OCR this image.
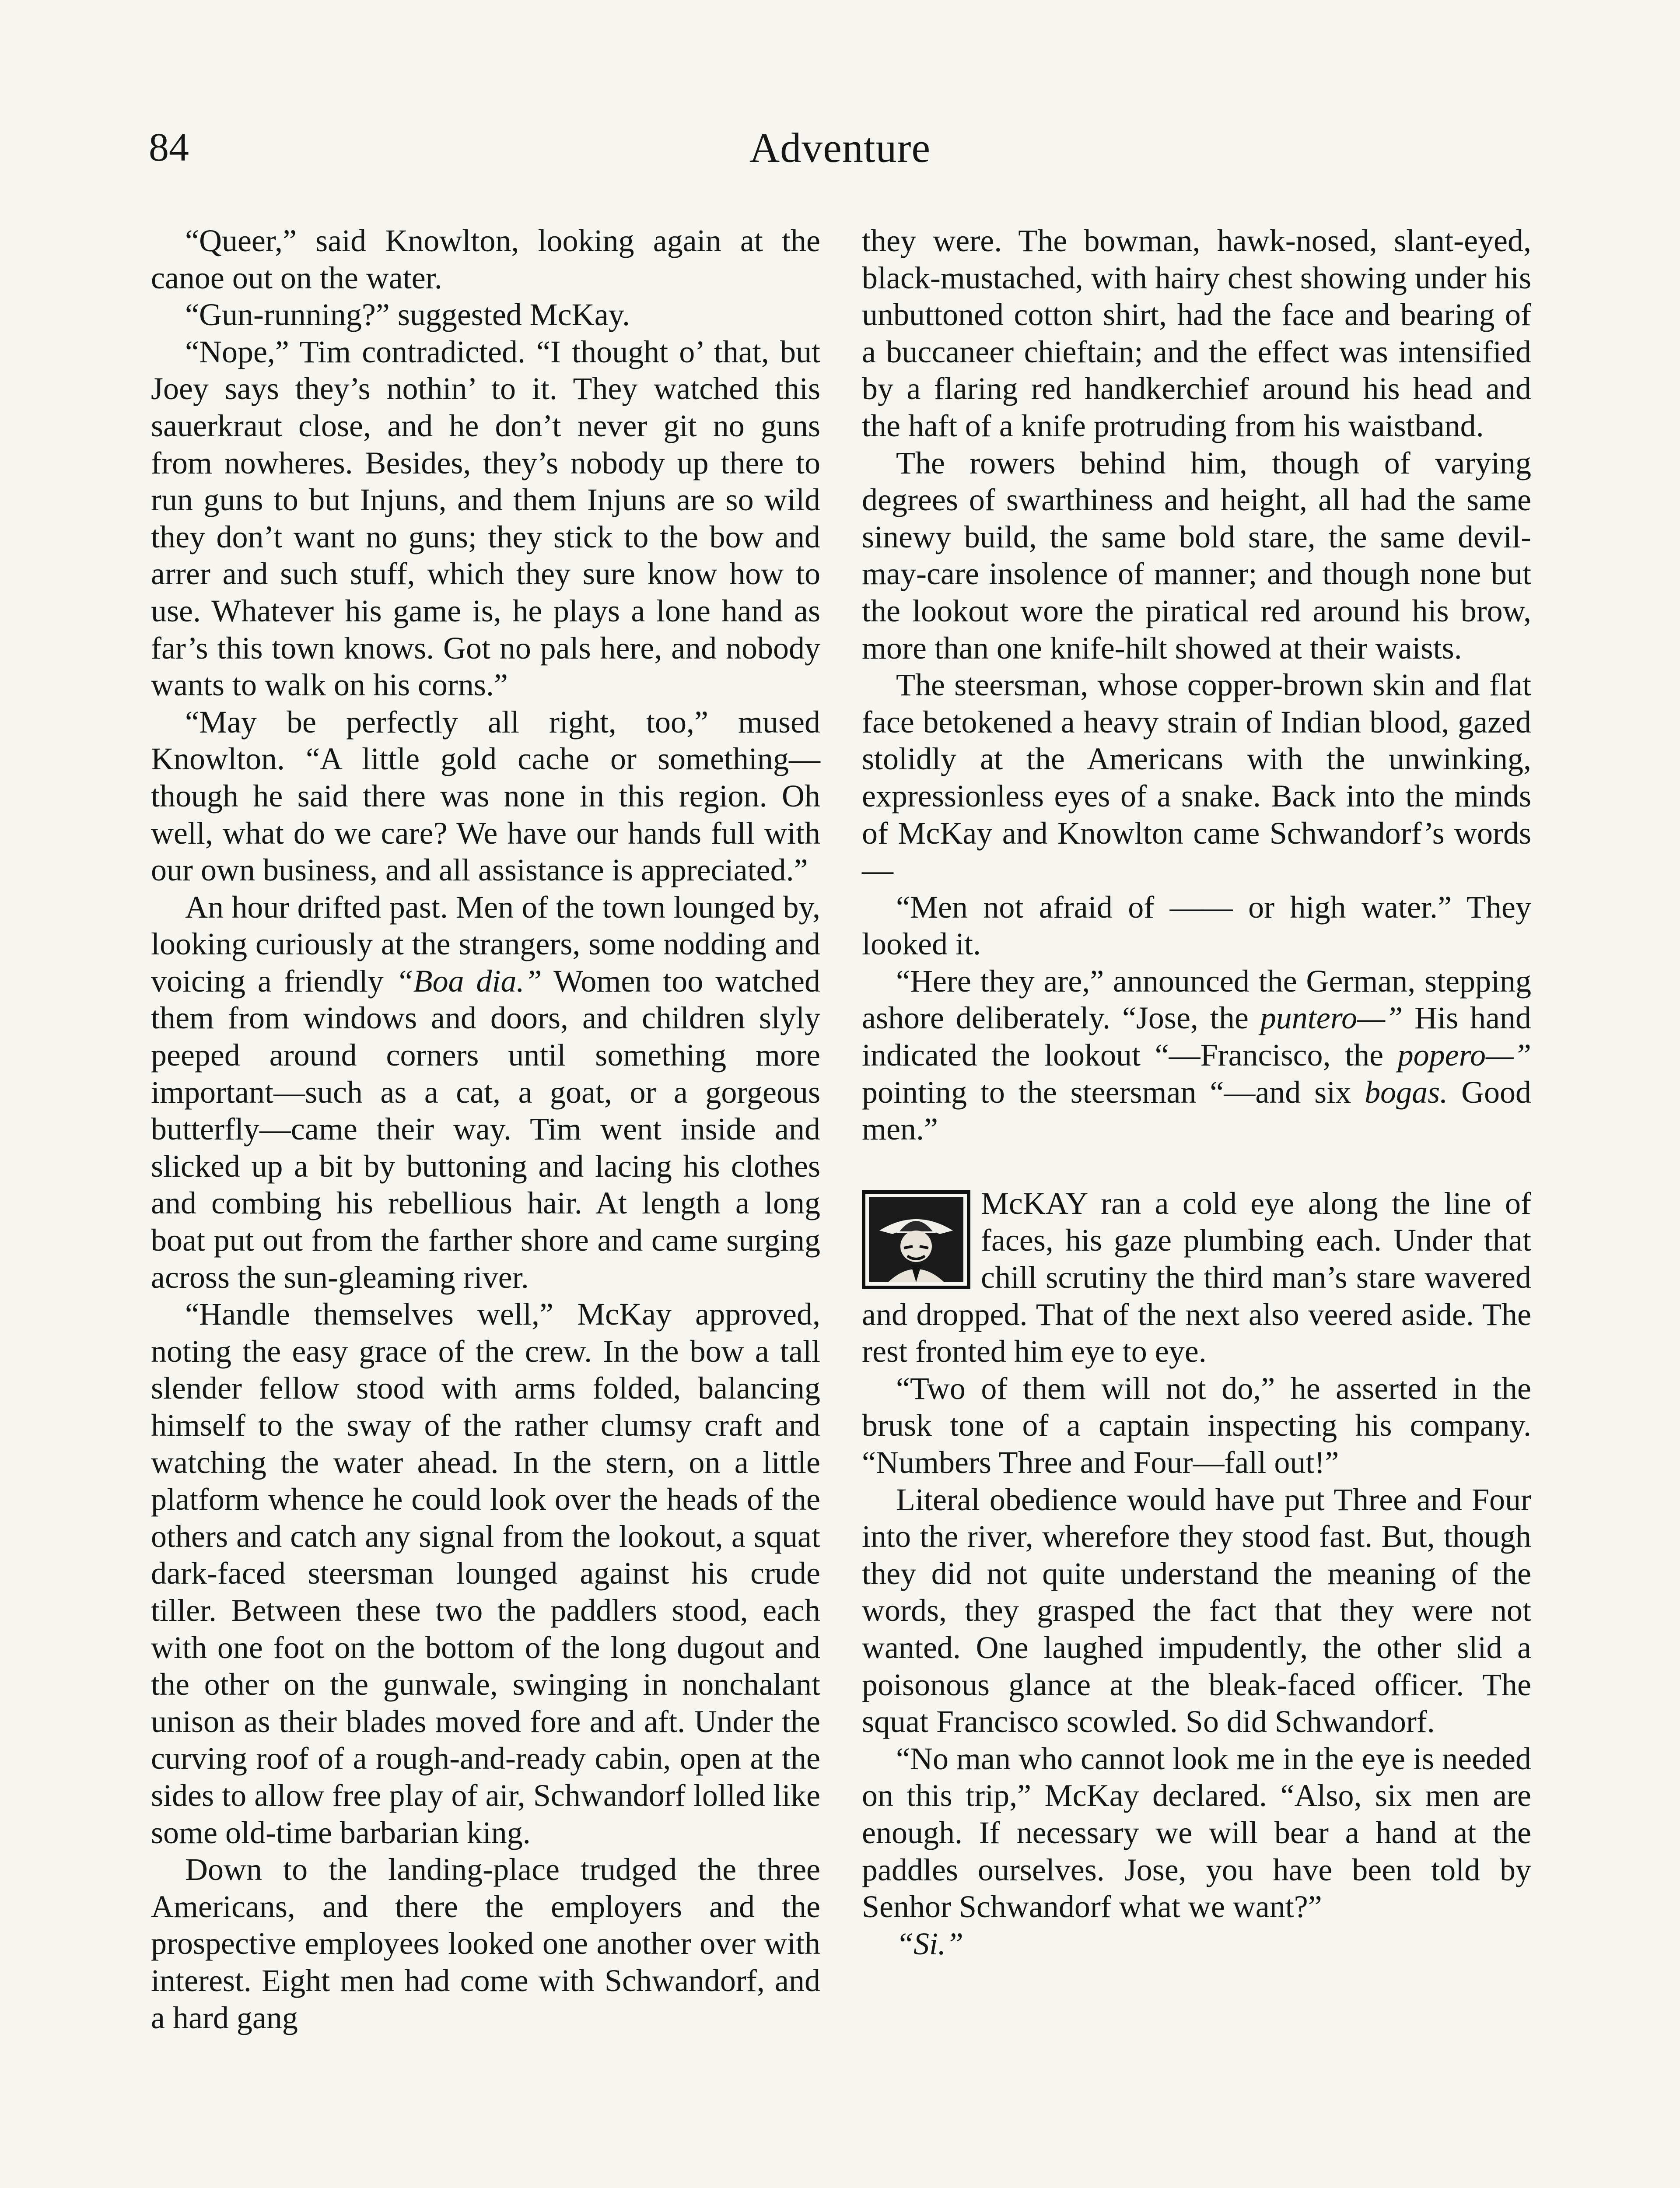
84	Adventure

“Queer,” said Knowlton, looking again at the canoe out on the water.

“Gun-running?” suggested McKay.

“Nope,” Tim contradicted. “I thought o’ that, but Joey says they’s nothin’ to it. They watched this sauerkraut close, and he don’t never git no guns from nowheres. Besides, they’s nobody up there to run guns to but Injuns, and them Injuns are so wild they don’t want no guns; they stick to the bow and arrer and such stuff, which they sure know how to use. Whatever his game is, he plays a lone hand as far’s this town knows. Got no pals here, and nobody wants to walk on his corns.”

“May be perfectly all right, too,” mused Knowlton. “A little gold cache or something—though he said there was none in this region. Oh well, what do we care? We have our hands full with our own business, and all assistance is appreciated.”

An hour drifted past. Men of the town lounged by, looking curiously at the strangers, some nodding and voicing a friendly “Boa dia.” Women too watched them from windows and doors, and children slyly peeped around corners until something more important—such as a cat, a goat, or a gorgeous butterfly—came their way. Tim went inside and slicked up a bit by buttoning and lacing his clothes and combing his rebellious hair. At length a long boat put out from the farther shore and came surging across the sun-gleaming river.

“Handle themselves well,” McKay approved, noting the easy grace of the crew. In the bow a tall slender fellow stood with arms folded, balancing himself to the sway of the rather clumsy craft and watching the water ahead. In the stern, on a little platform whence he could look over the heads of the others and catch any signal from the lookout, a squat dark-faced steersman lounged against his crude tiller. Between these two the paddlers stood, each with one foot on the bottom of the long dugout and the other on the gunwale, swinging in nonchalant unison as their blades moved fore and aft. Under the curving roof of a rough-and-ready cabin, open at the sides to allow free play of air, Schwandorf lolled like some old-time barbarian king.

Down to the landing-place trudged the three Americans, and there the employers and the prospective employees looked one another over with interest. Eight men had come with Schwandorf, and a hard gang

they were. The bowman, hawk-nosed, slant-eyed, black-mustached, with hairy chest showing under his unbuttoned cotton shirt, had the face and bearing of a buccaneer chieftain; and the effect was intensified by a flaring red handkerchief around his head and the haft of a knife protruding from his waistband.

The rowers behind him, though of varying degrees of swarthiness and height, all had the same sinewy build, the same bold stare, the same devil-may-care insolence of manner; and though none but the lookout wore the piratical red around his brow, more than one knife-hilt showed at their waists.

The steersman, whose copper-brown skin and flat face betokened a heavy strain of Indian blood, gazed stolidly at the Americans with the unwinking, expressionless eyes of a snake. Back into the minds of McKay and Knowlton came Schwandorf’s words—

“Men not afraid of —— or high water.” They looked it.

“Here they are,” announced the German, stepping ashore deliberately. “Jose, the puntero—” His hand indicated the lookout “—Francisco, the popero—” pointing to the steersman “—and six bogas. Good men.”

McKAY ran a cold eye along the line of faces, his gaze plumbing each. Under that chill scrutiny the third man’s stare wavered and dropped. That of the next also veered aside. The rest fronted him eye to eye.

“Two of them will not do,” he asserted in the brusk tone of a captain inspecting his company. “Numbers Three and Four—fall out!”

Literal obedience would have put Three and Four into the river, wherefore they stood fast. But, though they did not quite understand the meaning of the words, they grasped the fact that they were not wanted. One laughed impudently, the other slid a poisonous glance at the bleak-faced officer. The squat Francisco scowled. So did Schwandorf.

“No man who cannot look me in the eye is needed on this trip,” McKay declared. “Also, six men are enough. If necessary we will bear a hand at the paddles ourselves. Jose, you have been told by Senhor Schwandorf what we want?”

“Si.”
